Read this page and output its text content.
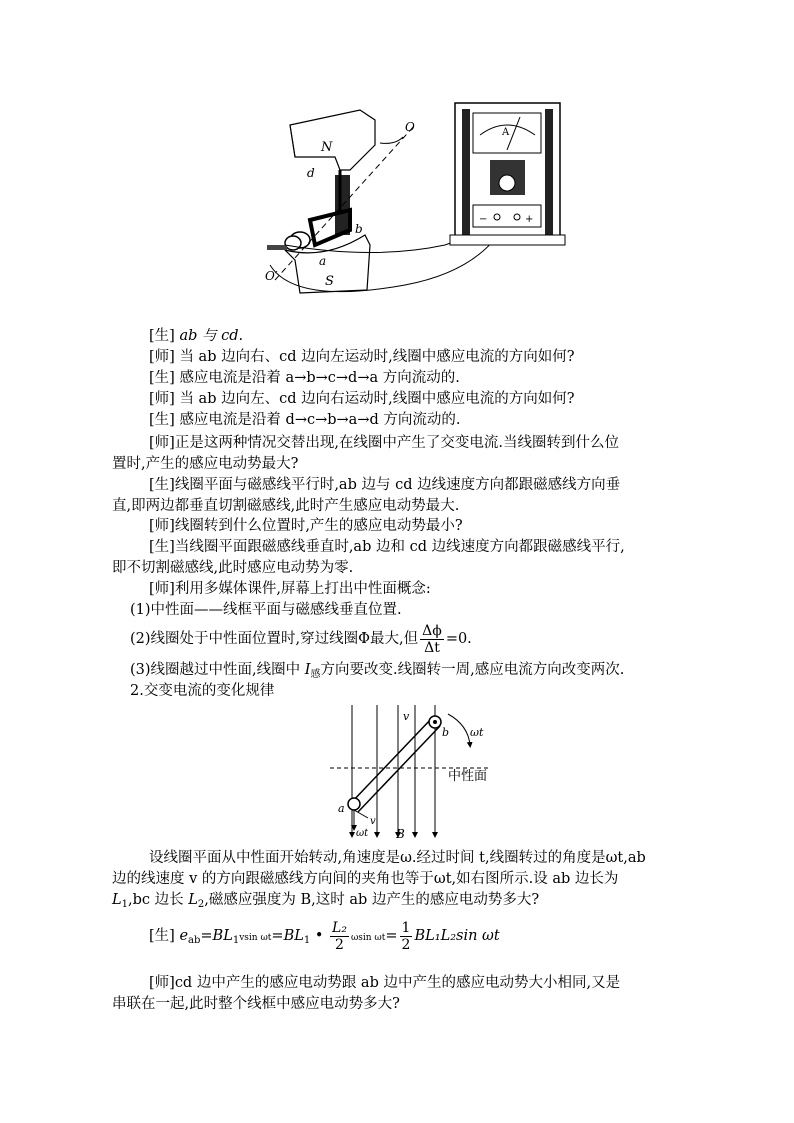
N
S
O
O′
a
b
d
A
−	+
[生] ab 与 cd.
[师] 当 ab 边向右、cd 边向左运动时,线圈中感应电流的方向如何?
[生] 感应电流是沿着 a→b→c→d→a 方向流动的.
[师] 当 ab 边向左、cd 边向右运动时,线圈中感应电流的方向如何?
[生] 感应电流是沿着 d→c→b→a→d 方向流动的.
[师]正是这两种情况交替出现,在线圈中产生了交变电流.当线圈转到什么位
置时,产生的感应电动势最大?
[生]线圈平面与磁感线平行时,ab 边与 cd 边线速度方向都跟磁感线方向垂
直,即两边都垂直切割磁感线,此时产生感应电动势最大.
[师]线圈转到什么位置时,产生的感应电动势最小?
[生]当线圈平面跟磁感线垂直时,ab 边和 cd 边线速度方向都跟磁感线平行,
即不切割磁感线,此时感应电动势为零.
[师]利用多媒体课件,屏幕上打出中性面概念:
(1)中性面——线框平面与磁感线垂直位置.
(2)线圈处于中性面位置时,穿过线圈Φ最大,但 $\frac{\Delta\phi}{\Delta t} =0$.
(3)线圈越过中性面,线圈中 $I_感$方向要改变.线圈转一周,感应电流方向改变两次.
2.交变电流的变化规律
v
b ωt
中性面
a
v
ωt B
设线圈平面从中性面开始转动,角速度是ω.经过时间 t,线圈转过的角度是ωt,ab
边的线速度 v 的方向跟磁感线方向间的夹角也等于ωt,如右图所示.设 ab 边长为
$L_1,bc$ 边长 $L_2$,磁感应强度为 B,这时 ab 边产生的感应电动势多大?
[生] $e_{ab}=BL_1vsin$ $\omega t=BL_1$ • $\frac{\text{L₂}}{2}$ ωsin $\omega t= \frac{1}{2} BL_1L_2\sin$ ωt
[师]cd 边中产生的感应电动势跟 ab 边中产生的感应电动势大小相同,又是
串联在一起,此时整个线框中感应电动势多大?
